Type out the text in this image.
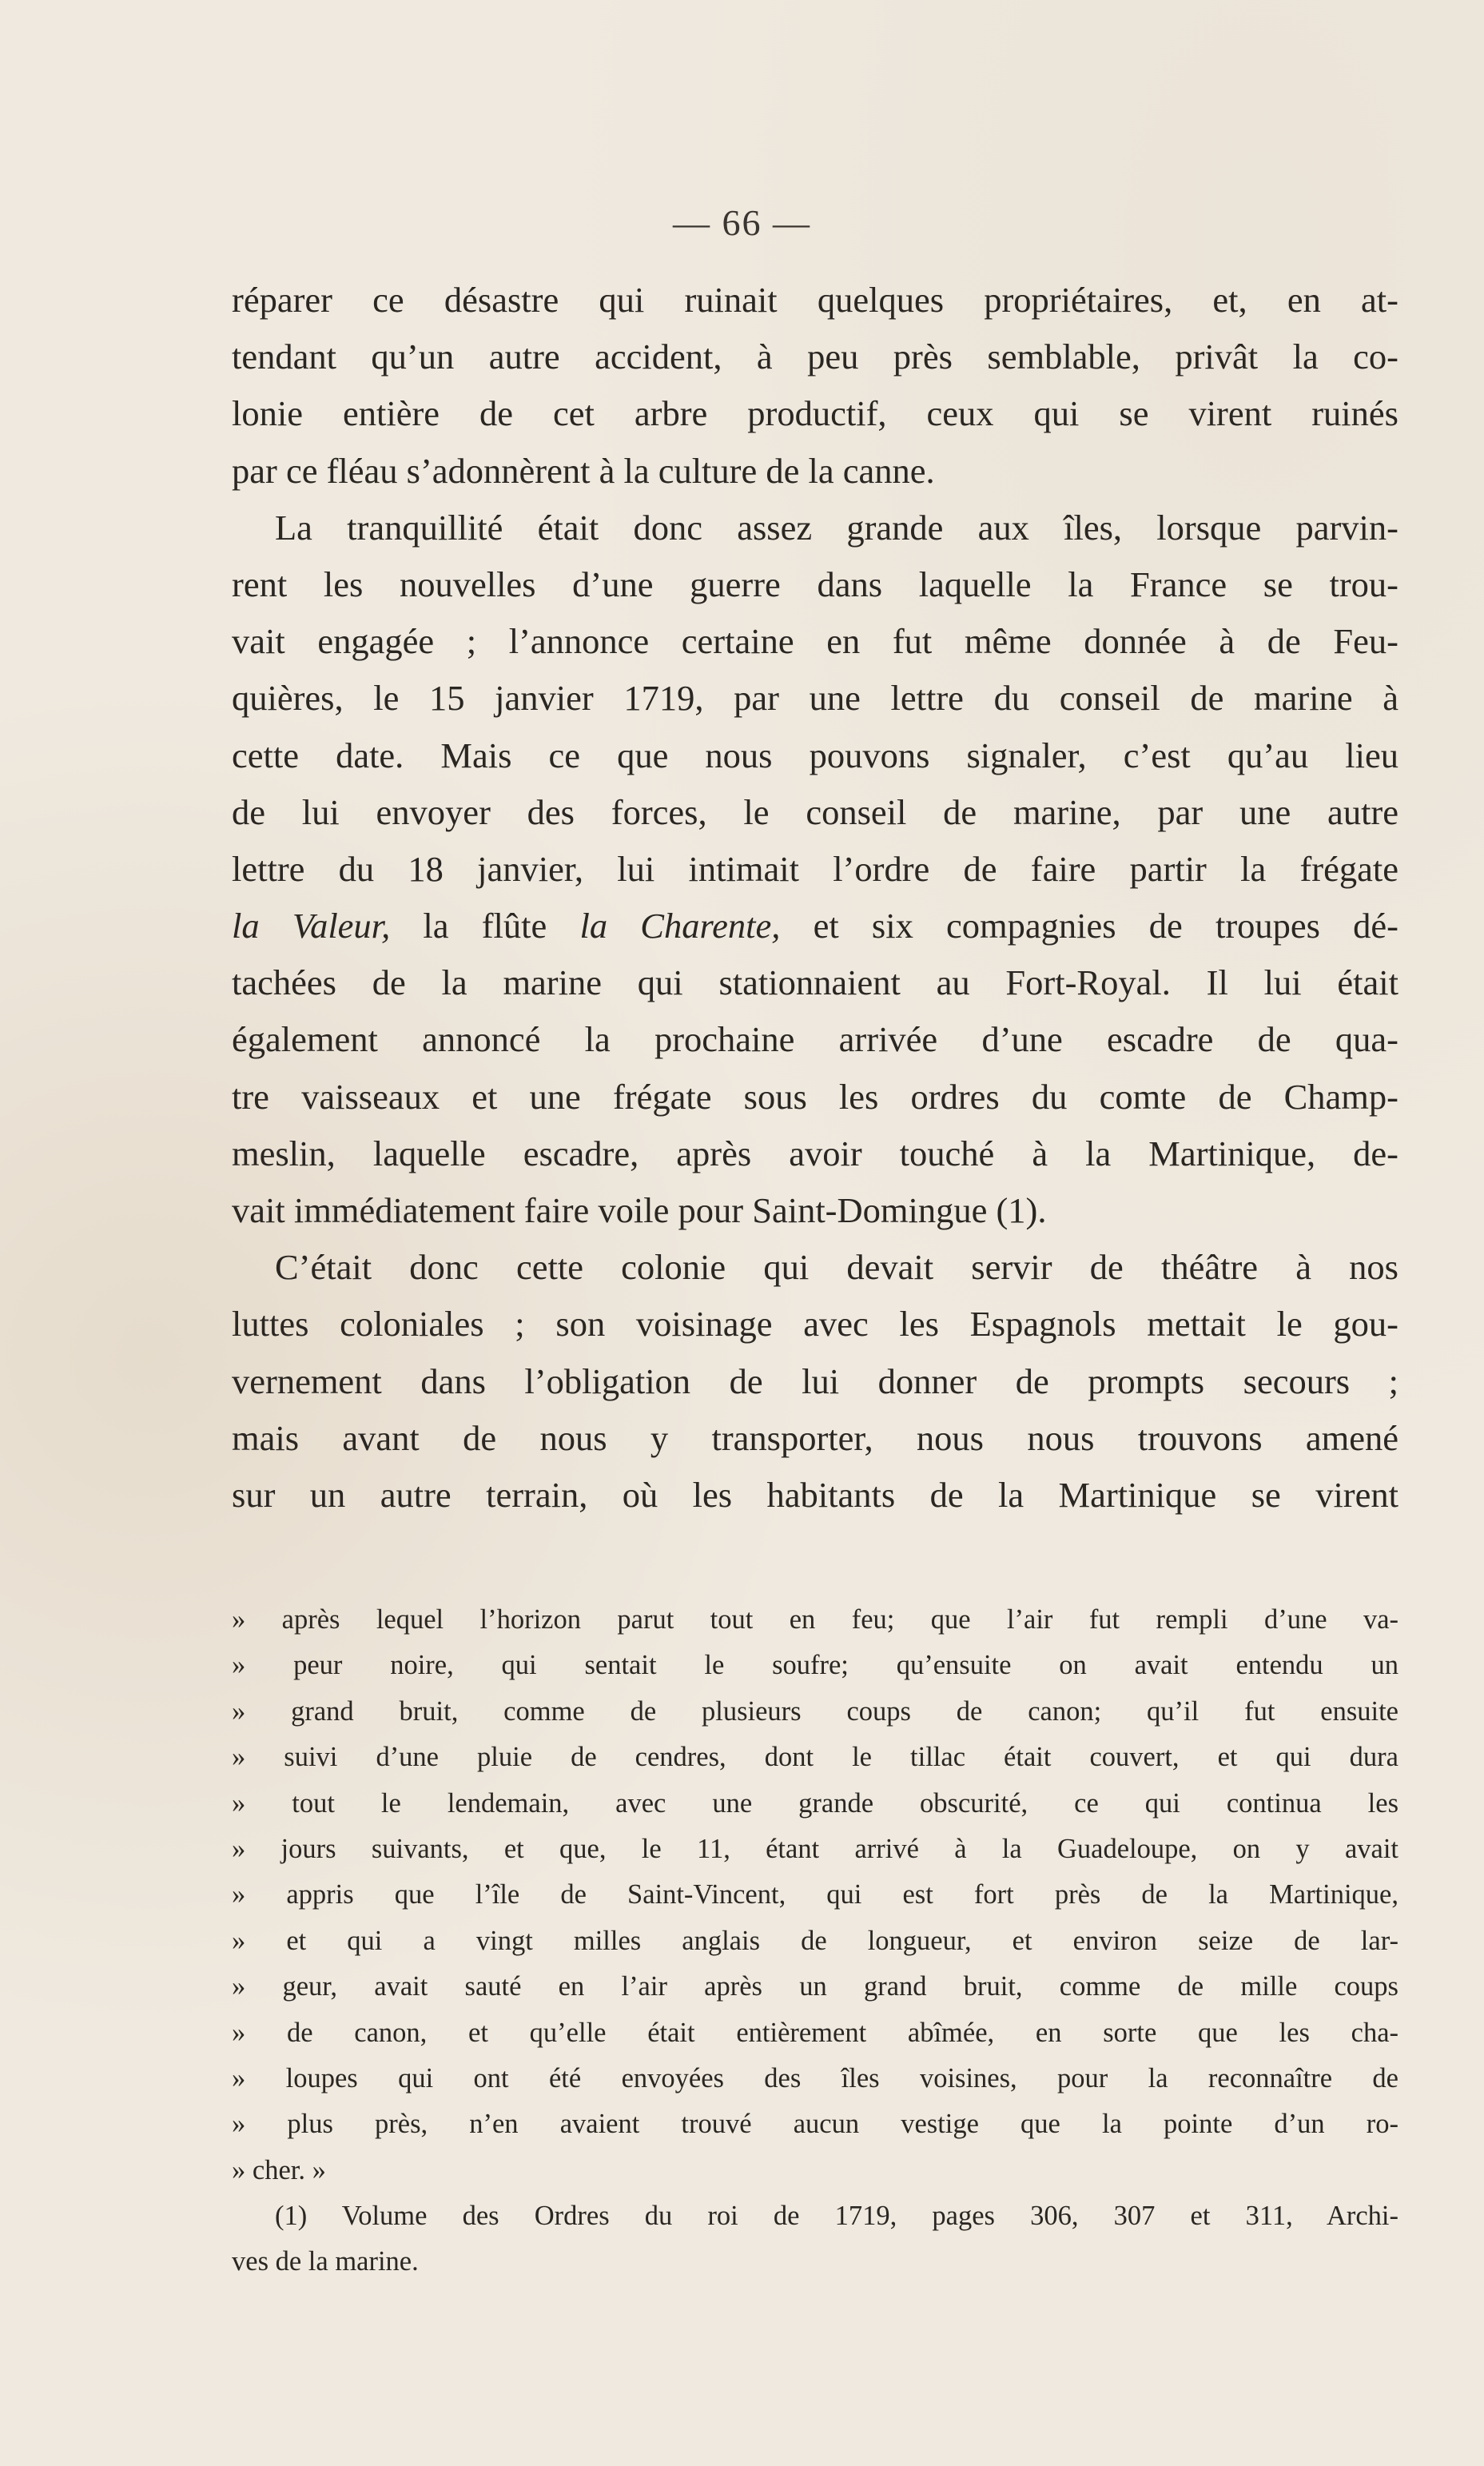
— 66 —

réparer ce désastre qui ruinait quelques propriétaires, et, en at-
tendant qu’un autre accident, à peu près semblable, privât la co-
lonie entière de cet arbre productif, ceux qui se virent ruinés
par ce fléau s’adonnèrent à la culture de la canne.

La tranquillité était donc assez grande aux îles, lorsque parvin-
rent les nouvelles d’une guerre dans laquelle la France se trou-
vait engagée ; l’annonce certaine en fut même donnée à de Feu-
quières, le 15 janvier 1719, par une lettre du conseil de marine à
cette date. Mais ce que nous pouvons signaler, c’est qu’au lieu
de lui envoyer des forces, le conseil de marine, par une autre
lettre du 18 janvier, lui intimait l’ordre de faire partir la frégate
la Valeur, la flûte la Charente, et six compagnies de troupes dé-
tachées de la marine qui stationnaient au Fort-Royal. Il lui était
également annoncé la prochaine arrivée d’une escadre de qua-
tre vaisseaux et une frégate sous les ordres du comte de Champ-
meslin, laquelle escadre, après avoir touché à la Martinique, de-
vait immédiatement faire voile pour Saint-Domingue (1).

C’était donc cette colonie qui devait servir de théâtre à nos
luttes coloniales ; son voisinage avec les Espagnols mettait le gou-
vernement dans l’obligation de lui donner de prompts secours ;
mais avant de nous y transporter, nous nous trouvons amené
sur un autre terrain, où les habitants de la Martinique se virent

» après lequel l’horizon parut tout en feu; que l’air fut rempli d’une va-
» peur noire, qui sentait le soufre; qu’ensuite on avait entendu un
» grand bruit, comme de plusieurs coups de canon; qu’il fut ensuite
» suivi d’une pluie de cendres, dont le tillac était couvert, et qui dura
» tout le lendemain, avec une grande obscurité, ce qui continua les
» jours suivants, et que, le 11, étant arrivé à la Guadeloupe, on y avait
» appris que l’île de Saint-Vincent, qui est fort près de la Martinique,
» et qui a vingt milles anglais de longueur, et environ seize de lar-
» geur, avait sauté en l’air après un grand bruit, comme de mille coups
» de canon, et qu’elle était entièrement abîmée, en sorte que les cha-
» loupes qui ont été envoyées des îles voisines, pour la reconnaître de
» plus près, n’en avaient trouvé aucun vestige que la pointe d’un ro-
» cher. »
(1) Volume des Ordres du roi de 1719, pages 306, 307 et 311, Archi-
ves de la marine.
